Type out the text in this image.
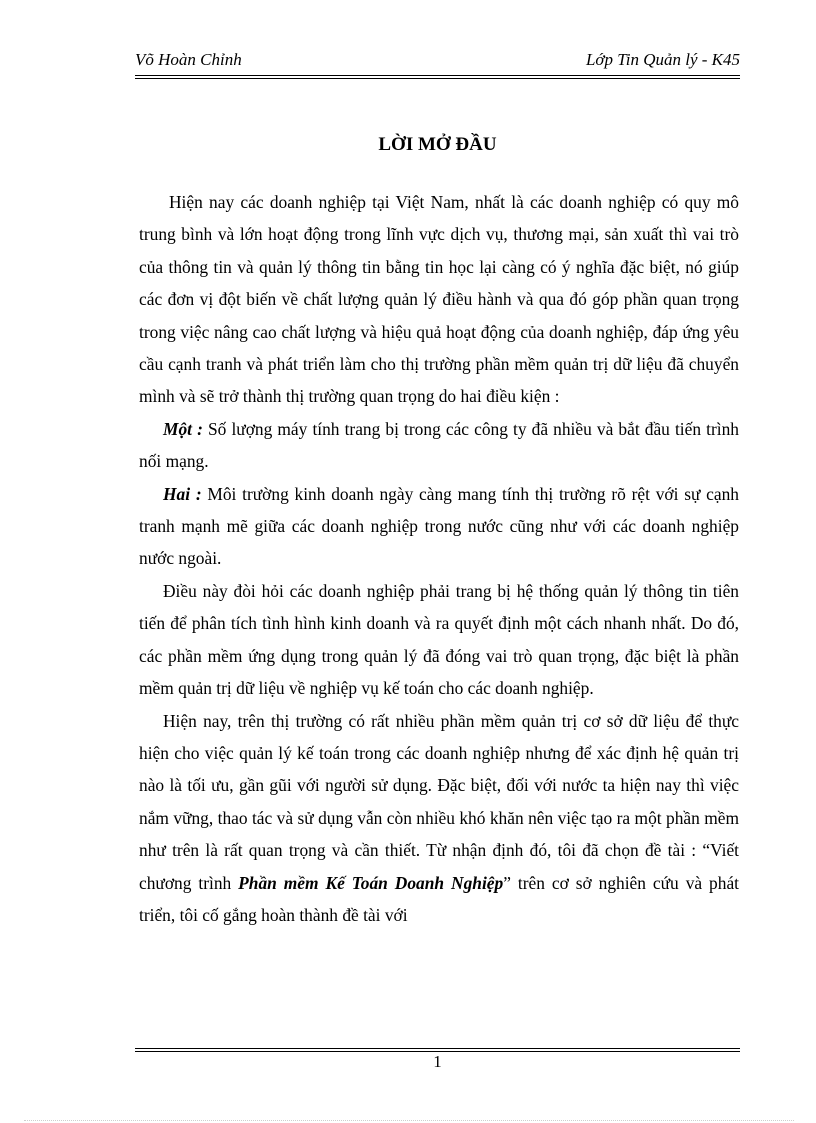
Võ Hoàn Chỉnh	Lớp Tin Quản lý - K45
LỜI MỞ ĐẦU

Hiện nay các doanh nghiệp tại Việt Nam, nhất là các doanh nghiệp có quy mô trung bình và lớn hoạt động trong lĩnh vực dịch vụ, thương mại, sản xuất thì vai trò của thông tin và quản lý thông tin bằng tin học lại càng có ý nghĩa đặc biệt, nó giúp các đơn vị đột biến về chất lượng quản lý điều hành và qua đó góp phần quan trọng trong việc nâng cao chất lượng và hiệu quả hoạt động của doanh nghiệp, đáp ứng yêu cầu cạnh tranh và phát triển làm cho thị trường phần mềm quản trị dữ liệu đã chuyển mình và sẽ trở thành thị trường quan trọng do hai điều kiện :

Một : Số lượng máy tính trang bị trong các công ty đã nhiều và bắt đầu tiến trình nối mạng.

Hai : Môi trường kinh doanh ngày càng mang tính thị trường rõ rệt với sự cạnh tranh mạnh mẽ giữa các doanh nghiệp trong nước cũng như với các doanh nghiệp nước ngoài.

Điều này đòi hỏi các doanh nghiệp phải trang bị hệ thống quản lý thông tin tiên tiến để phân tích tình hình kinh doanh và ra quyết định một cách nhanh nhất. Do đó, các phần mềm ứng dụng trong quản lý đã đóng vai trò quan trọng, đặc biệt là phần mềm quản trị dữ liệu về nghiệp vụ kế toán cho các doanh nghiệp.

Hiện nay, trên thị trường có rất nhiều phần mềm quản trị cơ sở dữ liệu để thực hiện cho việc quản lý kế toán trong các doanh nghiệp nhưng để xác định hệ quản trị nào là tối ưu, gần gũi với người sử dụng. Đặc biệt, đối với nước ta hiện nay thì việc nắm vững, thao tác và sử dụng vẫn còn nhiều khó khăn nên việc tạo ra một phần mềm như trên là rất quan trọng và cần thiết. Từ nhận định đó, tôi đã chọn đề tài : “Viết chương trình Phần mềm Kế Toán Doanh Nghiệp” trên cơ sở nghiên cứu và phát triển, tôi cố gắng hoàn thành đề tài với

1
